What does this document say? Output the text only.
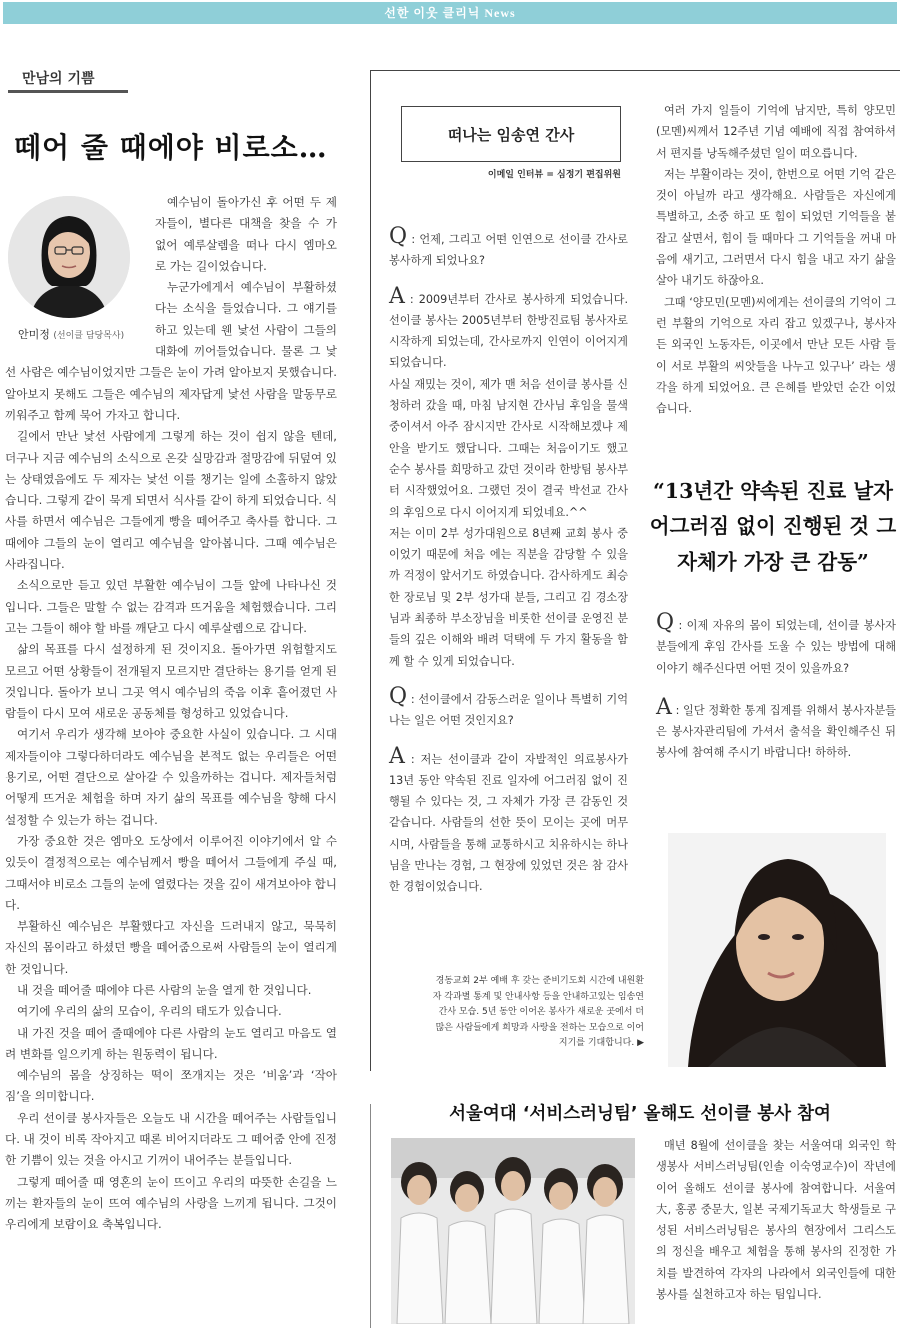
선한 이웃 클리닉 News
만남의 기쁨
떼어 줄 때에야 비로소…
안미정 (선이클 담당목사)

예수님이 돌아가신 후 어떤 두 제자들이, 별다른 대책을 찾을 수 가 없어 예루살렘을 떠나 다시 엠마오로 가는 길이었습니다.

누군가에게서 예수님이 부활하셨다는 소식을 들었습니다. 그 얘기를 하고 있는데 웬 낯선 사람이 그들의 대화에 끼어들었습니다. 물론 그 낯선 사람은 예수님이었지만 그들은 눈이 가려 알아보지 못했습니다. 알아보지 못해도 그들은 예수님의 제자답게 낯선 사람을 말동무로 끼워주고 함께 묵어 가자고 합니다.

길에서 만난 낯선 사람에게 그렇게 하는 것이 쉽지 않을 텐데, 더구나 지금 예수님의 소식으로 온갖 실망감과 절망감에 뒤덮여 있는 상태였음에도 두 제자는 낯선 이를 챙기는 일에 소홀하지 않았습니다. 그렇게 같이 묵게 되면서 식사를 같이 하게 되었습니다. 식사를 하면서 예수님은 그들에게 빵을 떼어주고 축사를 합니다. 그때에야 그들의 눈이 열리고 예수님을 알아봅니다. 그때 예수님은 사라집니다.

소식으로만 듣고 있던 부활한 예수님이 그들 앞에 나타나신 것입니다. 그들은 말할 수 없는 감격과 뜨거움을 체험했습니다. 그리고는 그들이 해야 할 바를 깨닫고 다시 예루살렘으로 갑니다.

삶의 목표를 다시 설정하게 된 것이지요. 돌아가면 위험할지도 모르고 어떤 상황들이 전개될지 모르지만 결단하는 용기를 얻게 된 것입니다. 돌아가 보니 그곳 역시 예수님의 죽음 이후 흩어졌던 사람들이 다시 모여 새로운 공동체를 형성하고 있었습니다.

여기서 우리가 생각해 보아야 중요한 사실이 있습니다. 그 시대 제자들이야 그렇다하더라도 예수님을 본적도 없는 우리들은 어떤 용기로, 어떤 결단으로 살아갈 수 있을까하는 겁니다. 제자들처럼 어떻게 뜨거운 체험을 하며 자기 삶의 목표를 예수님을 향해 다시 설정할 수 있는가 하는 겁니다.

가장 중요한 것은 엠마오 도상에서 이루어진 이야기에서 알 수 있듯이 결정적으로는 예수님께서 빵을 떼어서 그들에게 주실 때, 그때서야 비로소 그들의 눈에 열렸다는 것을 깊이 새겨보아야 합니다.

부활하신 예수님은 부활했다고 자신을 드러내지 않고, 묵묵히 자신의 몸이라고 하셨던 빵을 떼어줌으로써 사람들의 눈이 열리게 한 것입니다.

내 것을 떼어줄 때에야 다른 사람의 눈을 열게 한 것입니다.

여기에 우리의 삶의 모습이, 우리의 태도가 있습니다.

내 가진 것을 떼어 줄때에야 다른 사람의 눈도 열리고 마음도 열려 변화를 일으키게 하는 원동력이 됩니다.

예수님의 몸을 상징하는 떡이 쪼개지는 것은 ‘비움’과 ‘작아짐’을 의미합니다.

우리 선이클 봉사자들은 오늘도 내 시간을 떼어주는 사람들입니다. 내 것이 비록 작아지고 때론 비어지더라도 그 떼어줌 안에 진정한 기쁨이 있는 것을 아시고 기꺼이 내어주는 분들입니다.

그렇게 떼어줄 때 영혼의 눈이 뜨이고 우리의 따뜻한 손길을 느끼는 환자들의 눈이 뜨여 예수님의 사랑을 느끼게 됩니다. 그것이 우리에게 보람이요 축복입니다.

떠나는 임송연 간사
이메일 인터뷰 = 심정기 편집위원

Q : 언제, 그리고 어떤 인연으로 선이클 간사로 봉사하게 되었나요?

A : 2009년부터 간사로 봉사하게 되었습니다. 선이클 봉사는 2005년부터 한방진료팀 봉사자로 시작하게 되었는데, 간사로까지 인연이 이어지게 되었습니다.

사실 재밌는 것이, 제가 맨 처음 선이클 봉사를 신청하러 갔을 때, 마침 남지현 간사님 후임을 물색 중이셔서 아주 잠시지만 간사로 시작해보겠냐 제안을 받기도 했답니다. 그때는 처음이기도 했고 순수 봉사를 희망하고 갔던 것이라 한방팀 봉사부터 시작했었어요. 그랬던 것이 결국 박선교 간사 의 후임으로 다시 이어지게 되었네요.^^

저는 이미 2부 성가대원으로 8년째 교회 봉사 중이었기 때문에 처음 에는 직분을 감당할 수 있을까 걱정이 앞서기도 하였습니다. 감사하게도 최승한 장로님 및 2부 성가대 분들, 그리고 김 경소장 님과 최종하 부소장님을 비롯한 선이클 운영진 분들의 깊은 이해와 배려 덕택에 두 가지 활동을 함께 할 수 있게 되었습니다.

Q : 선이클에서 감동스러운 일이나 특별히 기억나는 일은 어떤 것인지요?

A : 저는 선이클과 같이 자발적인 의료봉사가 13년 동안 약속된 진료 일자에 어그러짐 없이 진행될 수 있다는 것, 그 자체가 가장 큰 감동인 것 같습니다. 사람들의 선한 뜻이 모이는 곳에 머무시며, 사람들을 통해 교통하시고 치유하시는 하나님을 만나는 경험, 그 현장에 있었던 것은 참 감사한 경험이었습니다.

여러 가지 일들이 기억에 남지만, 특히 양모민(모멘)씨께서 12주년 기념 예배에 직접 참여하셔서 편지를 낭독해주셨던 일이 떠오릅니다.

저는 부활이라는 것이, 한번으로 어떤 기억 같은 것이 아닐까 라고 생각해요. 사람들은 자신에게 특별하고, 소중 하고 또 힘이 되었던 기억들을 붙잡고 살면서, 힘이 들 때마다 그 기억들을 꺼내 마음에 새기고, 그러면서 다시 힘을 내고 자기 삶을 살아 내기도 하잖아요.

그때 ‘양모민(모멘)씨에게는 선이클의 기억이 그런 부활의 기억으로 자리 잡고 있겠구나, 봉사자든 외국인 노동자든, 이곳에서 만난 모든 사람 들이 서로 부활의 씨앗들을 나누고 있구나’ 라는 생각을 하게 되었어요. 큰 은혜를 받았던 순간 이었습니다.

“13년간 약속된 진료 날자 어그러짐 없이 진행된 것 그 자체가 가장 큰 감동”

Q : 이제 자유의 몸이 되었는데, 선이클 봉사자분들에게 후임 간사를 도울 수 있는 방법에 대해 이야기 해주신다면 어떤 것이 있을까요?

A : 일단 정확한 통계 집계를 위해서 봉사자분들은 봉사자관리팀에 가셔서 출석을 확인해주신 뒤 봉사에 참여해 주시기 바랍니다! 하하하.

경동교회 2부 예배 후 갖는 준비기도회 시간에 내원환자 각과별 통계 및 안내사항 등을 안내하고있는 임송연 간사 모습. 5년 동안 이어온 봉사가 새로운 곳에서 더 많은 사람들에게 희망과 사랑을 전하는 모습으로 이어지기를 기대합니다. ▶
서울여대 ‘서비스러닝팀’ 올해도 선이클 봉사 참여

매년 8월에 선이클을 찾는 서울여대 외국인 학생봉사 서비스러닝팀(인솔 이숙영교수)이 작년에 이어 올해도 선이클 봉사에 참여합니다. 서울여大, 홍콩 중문大, 일본 국제기독교大 학생들로 구성된 서비스러닝팀은 봉사의 현장에서 그리스도의 정신을 배우고 체험을 통해 봉사의 진정한 가치를 발견하여 각자의 나라에서 외국인들에 대한 봉사를 실천하고자 하는 팀입니다.
